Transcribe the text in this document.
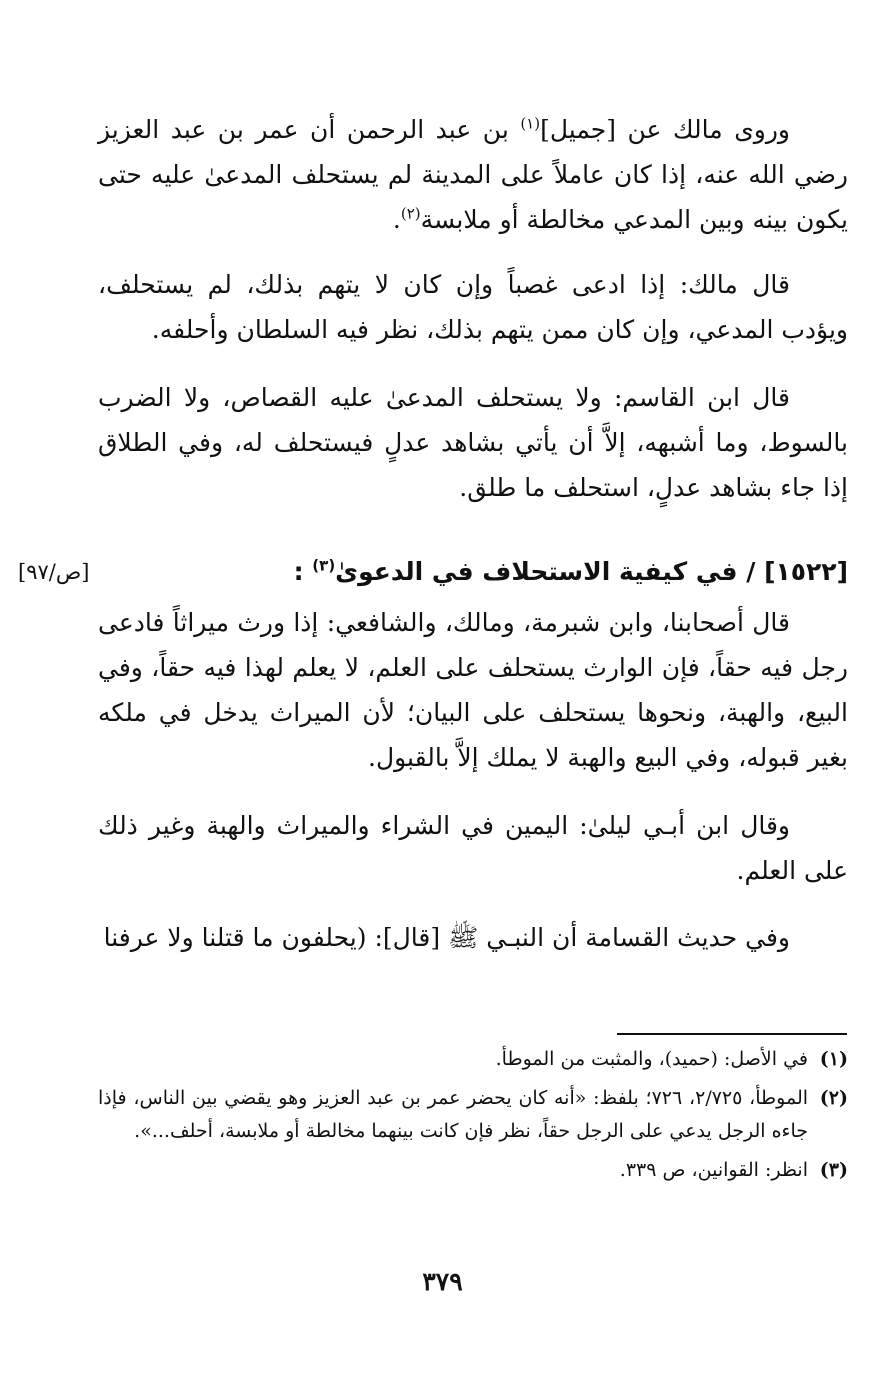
وروى مالك عن [جميل]$^{(١)}$ بن عبد الرحمن أن عمر بن عبد العزيز رضي الله عنه، إذا كان عاملاً على المدينة لم يستحلف المدعىٰ عليه حتى يكون بينه وبين المدعي مخالطة أو ملابسة$^{(٢)}$.

قال مالك: إذا ادعى غصباً وإن كان لا يتهم بذلك، لم يستحلف، ويؤدب المدعي، وإن كان ممن يتهم بذلك، نظر فيه السلطان وأحلفه.

قال ابن القاسم: ولا يستحلف المدعىٰ عليه القصاص، ولا الضرب بالسوط، وما أشبهه، إلاَّ أن يأتي بشاهد عدلٍ فيستحلف له، وفي الطلاق إذا جاء بشاهد عدلٍ، استحلف ما طلق.

[١٥٢٢] / في كيفية الاستحلاف في الدعوىٰ$^{(٣)}$ :
[ص/٩٧]

قال أصحابنا، وابن شبرمة، ومالك، والشافعي: إذا ورث ميراثاً فادعى رجل فيه حقاً، فإن الوارث يستحلف على العلم، لا يعلم لهذا فيه حقاً، وفي البيع، والهبة، ونحوها يستحلف على البيان؛ لأن الميراث يدخل في ملكه بغير قبوله، وفي البيع والهبة لا يملك إلاَّ بالقبول.

وقال ابن أبـي ليلىٰ: اليمين في الشراء والميراث والهبة وغير ذلك على العلم.

وفي حديث القسامة أن النبـي ﷺ [قال]: (يحلفون ما قتلنا ولا عرفنا

(١)
في الأصل: (حميد)، والمثبت من الموطأ.
(٢)
الموطأ، ٢/٧٢٥، ٧٢٦؛ بلفظ: «أنه كان يحضر عمر بن عبد العزيز وهو يقضي بين الناس، فإذا جاءه الرجل يدعي على الرجل حقاً، نظر فإن كانت بينهما مخالطة أو ملابسة، أحلف...».
(٣)
انظر: القوانين، ص ٣٣٩.
٣٧٩
